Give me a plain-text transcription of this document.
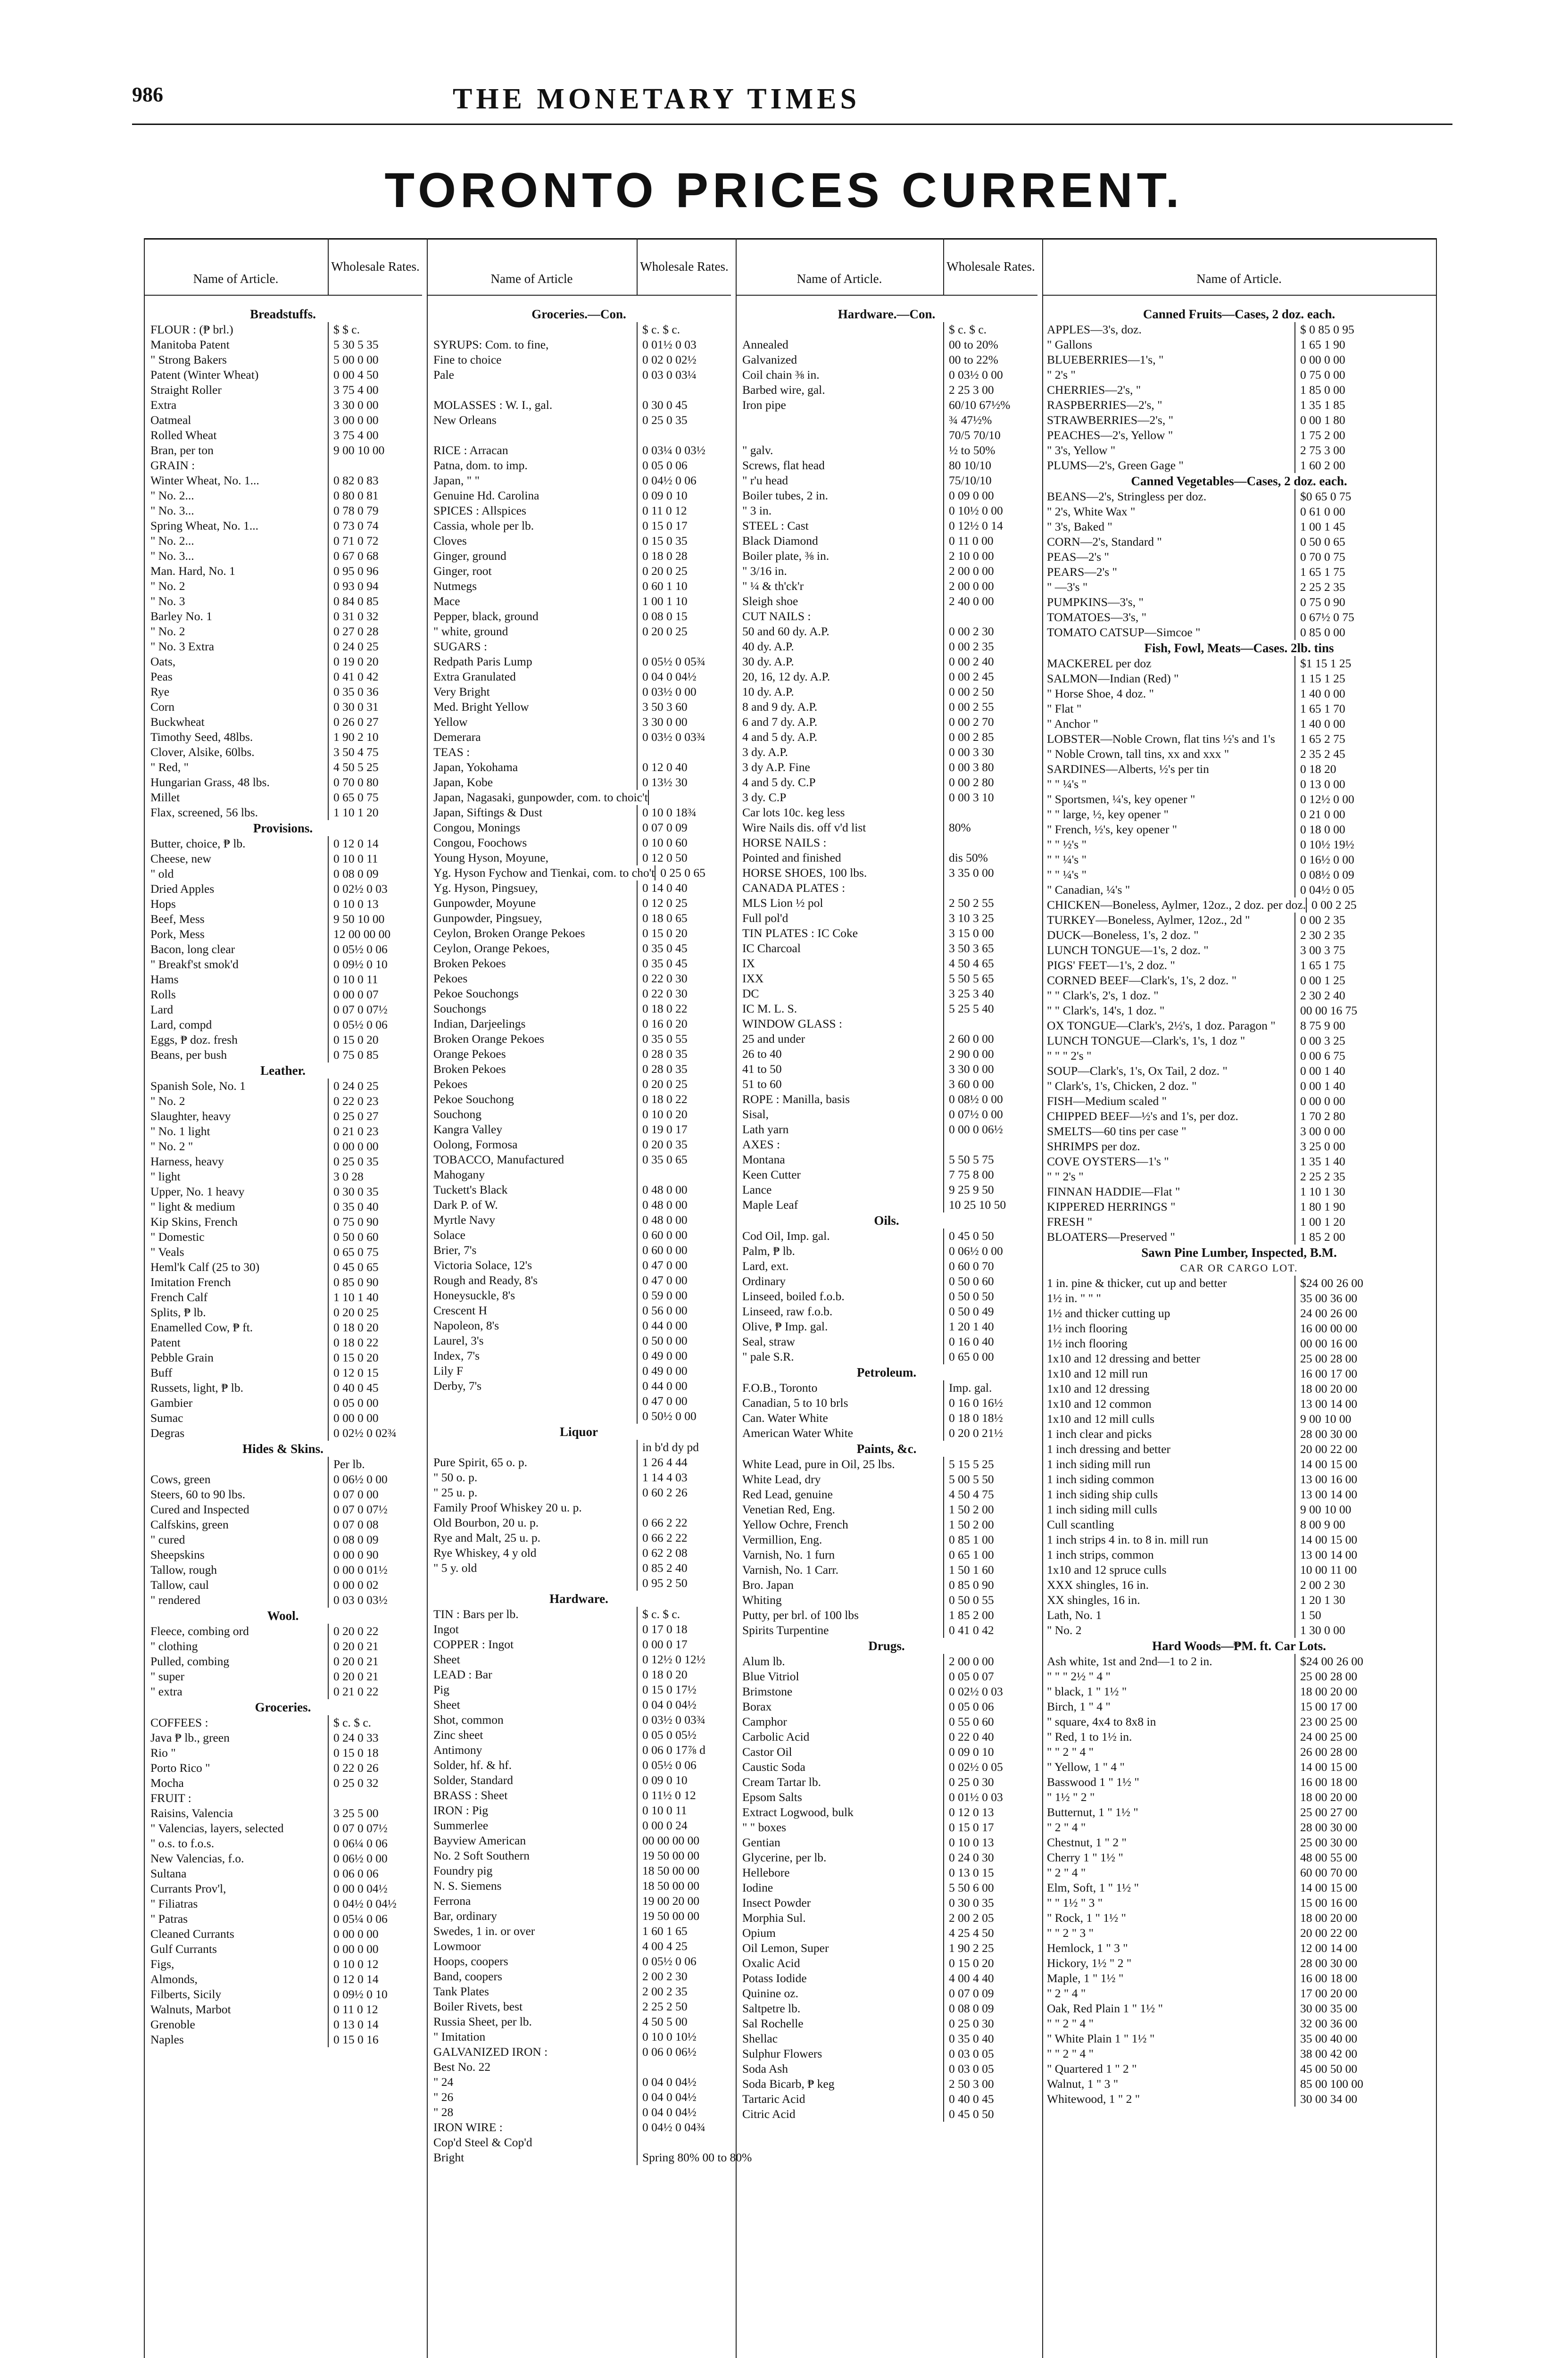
986	THE MONETARY TIMES
TORONTO PRICES CURRENT.
Name of Article.
Wholesale Rates.
Breadstuffs.
FLOUR : (₱ brl.)	$ $ c.
Manitoba Patent	5 30 5 35
" Strong Bakers	5 00 0 00
Patent (Winter Wheat)	0 00 4 50
Straight Roller	3 75 4 00
Extra	3 30 0 00
Oatmeal	3 00 0 00
Rolled Wheat	3 75 4 00
Bran, per ton	9 00 10 00
GRAIN :
Winter Wheat, No. 1...	0 82 0 83
" No. 2...	0 80 0 81
" No. 3...	0 78 0 79
Spring Wheat, No. 1...	0 73 0 74
" No. 2...	0 71 0 72
" No. 3...	0 67 0 68
Man. Hard, No. 1	0 95 0 96
" No. 2	0 93 0 94
" No. 3	0 84 0 85
Barley No. 1	0 31 0 32
" No. 2	0 27 0 28
" No. 3 Extra	0 24 0 25
Oats,	0 19 0 20
Peas	0 41 0 42
Rye	0 35 0 36
Corn	0 30 0 31
Buckwheat	0 26 0 27
Timothy Seed, 48lbs.	1 90 2 10
Clover, Alsike, 60lbs.	3 50 4 75
" Red, "	4 50 5 25
Hungarian Grass, 48 lbs.	0 70 0 80
Millet	0 65 0 75
Flax, screened, 56 lbs.	1 10 1 20
Provisions.
Butter, choice, ₱ lb.	0 12 0 14
Cheese, new	0 10 0 11
" old	0 08 0 09
Dried Apples	0 02½ 0 03
Hops	0 10 0 13
Beef, Mess	9 50 10 00
Pork, Mess	12 00 00 00
Bacon, long clear	0 05½ 0 06
" Breakf'st smok'd	0 09½ 0 10
Hams	0 10 0 11
Rolls	0 00 0 07
Lard	0 07 0 07½
Lard, compd	0 05½ 0 06
Eggs, ₱ doz. fresh	0 15 0 20
Beans, per bush	0 75 0 85
Leather.
Spanish Sole, No. 1	0 24 0 25
" No. 2	0 22 0 23
Slaughter, heavy	0 25 0 27
" No. 1 light	0 21 0 23
" No. 2 "	0 00 0 00
Harness, heavy	0 25 0 35
" light	3 0 28
Upper, No. 1 heavy	0 30 0 35
" light & medium	0 35 0 40
Kip Skins, French	0 75 0 90
" Domestic	0 50 0 60
" Veals	0 65 0 75
Heml'k Calf (25 to 30)	0 45 0 65
Imitation French	0 85 0 90
French Calf	1 10 1 40
Splits, ₱ lb.	0 20 0 25
Enamelled Cow, ₱ ft.	0 18 0 20
Patent	0 18 0 22
Pebble Grain	0 15 0 20
Buff	0 12 0 15
Russets, light, ₱ lb.	0 40 0 45
Gambier	0 05 0 00
Sumac	0 00 0 00
Degras	0 02½ 0 02¾
Hides & Skins.
Per lb.
Cows, green	0 06½ 0 00
Steers, 60 to 90 lbs.	0 07 0 00
Cured and Inspected	0 07 0 07½
Calfskins, green	0 07 0 08
" cured	0 08 0 09
Sheepskins	0 00 0 90
Tallow, rough	0 00 0 01½
Tallow, caul	0 00 0 02
" rendered	0 03 0 03½
Wool.
Fleece, combing ord	0 20 0 22
" clothing	0 20 0 21
Pulled, combing	0 20 0 21
" super	0 20 0 21
" extra	0 21 0 22
Groceries.
COFFEES :	$ c. $ c.
Java ₱ lb., green	0 24 0 33
Rio "	0 15 0 18
Porto Rico "	0 22 0 26
Mocha	0 25 0 32
FRUIT :
Raisins, Valencia	3 25 5 00
" Valencias, layers, selected	0 07 0 07½
" o.s. to f.o.s.	0 06¼ 0 06
New Valencias, f.o.	0 06½ 0 00
Sultana	0 06 0 06
Currants Prov'l,	0 00 0 04½
" Filiatras	0 04½ 0 04½
" Patras	0 05¼ 0 06
Cleaned Currants	0 00 0 00
Gulf Currants	0 00 0 00
Figs,	0 10 0 12
Almonds,	0 12 0 14
Filberts, Sicily	0 09½ 0 10
Walnuts, Marbot	0 11 0 12
Grenoble	0 13 0 14
Naples	0 15 0 16
Name of Article
Wholesale Rates.
Groceries.—Con.
$ c. $ c.
SYRUPS: Com. to fine,	0 01½ 0 03
Fine to choice	0 02 0 02½
Pale	0 03 0 03¼
MOLASSES : W. I., gal.	0 30 0 45
New Orleans	0 25 0 35
RICE : Arracan	0 03¼ 0 03½
Patna, dom. to imp.	0 05 0 06
Japan, " "	0 04½ 0 06
Genuine Hd. Carolina	0 09 0 10
SPICES : Allspices	0 11 0 12
Cassia, whole per lb.	0 15 0 17
Cloves	0 15 0 35
Ginger, ground	0 18 0 28
Ginger, root	0 20 0 25
Nutmegs	0 60 1 10
Mace	1 00 1 10
Pepper, black, ground	0 08 0 15
" white, ground	0 20 0 25
SUGARS :
Redpath Paris Lump	0 05½ 0 05¾
Extra Granulated	0 04 0 04½
Very Bright	0 03½ 0 00
Med. Bright Yellow	3 50 3 60
Yellow	3 30 0 00
Demerara	0 03½ 0 03¾
TEAS :
Japan, Yokohama	0 12 0 40
Japan, Kobe	0 13½ 30
Japan, Nagasaki, gunpowder, com. to choic't
Japan, Siftings & Dust	0 10 0 18¾
Congou, Monings	0 07 0 09
Congou, Foochows	0 10 0 60
Young Hyson, Moyune,	0 12 0 50
Yg. Hyson Fychow and Tienkai, com. to cho't 0 25 0 65
Yg. Hyson, Pingsuey,	0 14 0 40
Gunpowder, Moyune	0 12 0 25
Gunpowder, Pingsuey,	0 18 0 65
Ceylon, Broken Orange Pekoes	0 15 0 20
Ceylon, Orange Pekoes,	0 35 0 45
Broken Pekoes	0 35 0 45
Pekoes	0 22 0 30
Pekoe Souchongs	0 22 0 30
Souchongs	0 18 0 22
Indian, Darjeelings	0 16 0 20
Broken Orange Pekoes	0 35 0 55
Orange Pekoes	0 28 0 35
Broken Pekoes	0 28 0 35
Pekoes	0 20 0 25
Pekoe Souchong	0 18 0 22
Souchong	0 10 0 20
Kangra Valley	0 19 0 17
Oolong, Formosa	0 20 0 35
TOBACCO, Manufactured	0 35 0 65
Mahogany
Tuckett's Black	0 48 0 00
Dark P. of W.	0 48 0 00
Myrtle Navy	0 48 0 00
Solace	0 60 0 00
Brier, 7's	0 60 0 00
Victoria Solace, 12's	0 47 0 00
Rough and Ready, 8's	0 47 0 00
Honeysuckle, 8's	0 59 0 00
Crescent H	0 56 0 00
Napoleon, 8's	0 44 0 00
Laurel, 3's	0 50 0 00
Index, 7's	0 49 0 00
Lily F	0 49 0 00
Derby, 7's	0 44 0 00
0 47 0 00
0 50½ 0 00
Liquor
in b'd dy pd
Pure Spirit, 65 o. p.	1 26 4 44
" 50 o. p.	1 14 4 03
" 25 u. p.	0 60 2 26
Family Proof Whiskey 20 u. p.
Old Bourbon, 20 u. p.	0 66 2 22
Rye and Malt, 25 u. p.	0 66 2 22
Rye Whiskey, 4 y old	0 62 2 08
" 5 y. old	0 85 2 40
0 95 2 50
Hardware.
TIN : Bars per lb.	$ c. $ c.
Ingot	0 17 0 18
COPPER : Ingot	0 00 0 17
Sheet	0 12½ 0 12½
LEAD : Bar	0 18 0 20
Pig	0 15 0 17½
Sheet	0 04 0 04½
Shot, common	0 03½ 0 03¾
Zinc sheet	0 05 0 05½
Antimony	0 06 0 17⅞ d
Solder, hf. & hf.	0 05½ 0 06
Solder, Standard	0 09 0 10
BRASS : Sheet	0 11½ 0 12
IRON : Pig	0 10 0 11
Summerlee	0 00 0 24
Bayview American	00 00 00 00
No. 2 Soft Southern	19 50 00 00
Foundry pig	18 50 00 00
N. S. Siemens	18 50 00 00
Ferrona	19 00 20 00
Bar, ordinary	19 50 00 00
Swedes, 1 in. or over	1 60 1 65
Lowmoor	4 00 4 25
Hoops, coopers	0 05½ 0 06
Band, coopers	2 00 2 30
Tank Plates	2 00 2 35
Boiler Rivets, best	2 25 2 50
Russia Sheet, per lb.	4 50 5 00
" Imitation	0 10 0 10½
GALVANIZED IRON :	0 06 0 06½
Best No. 22
" 24	0 04 0 04½
" 26	0 04 0 04½
" 28	0 04 0 04½
IRON WIRE :	0 04½ 0 04¾
Cop'd Steel & Cop'd
Bright	Spring 80% 00 to 80%
Name of Article.
Wholesale Rates.
Hardware.—Con.
$ c. $ c.
Annealed	00 to 20%
Galvanized	00 to 22%
Coil chain ⅜ in.	0 03½ 0 00
Barbed wire, gal.	2 25 3 00
Iron pipe	60/10 67½%
¾ 47½%
70/5 70/10
" galv.	½ to 50%
Screws, flat head	80 10/10
" r'u head	75/10/10
Boiler tubes, 2 in.	0 09 0 00
" 3 in.	0 10½ 0 00
STEEL : Cast	0 12½ 0 14
Black Diamond	0 11 0 00
Boiler plate, ⅜ in.	2 10 0 00
" 3/16 in.	2 00 0 00
" ¼ & th'ck'r	2 00 0 00
Sleigh shoe	2 40 0 00
CUT NAILS :
50 and 60 dy. A.P.	0 00 2 30
40 dy. A.P.	0 00 2 35
30 dy. A.P.	0 00 2 40
20, 16, 12 dy. A.P.	0 00 2 45
10 dy. A.P.	0 00 2 50
8 and 9 dy. A.P.	0 00 2 55
6 and 7 dy. A.P.	0 00 2 70
4 and 5 dy. A.P.	0 00 2 85
3 dy. A.P.	0 00 3 30
3 dy A.P. Fine	0 00 3 80
4 and 5 dy. C.P	0 00 2 80
3 dy. C.P	0 00 3 10
Car lots 10c. keg less
Wire Nails dis. off v'd list	80%
HORSE NAILS :
Pointed and finished	dis 50%
HORSE SHOES, 100 lbs.	3 35 0 00
CANADA PLATES :
MLS Lion ½ pol	2 50 2 55
Full pol'd	3 10 3 25
TIN PLATES : IC Coke	3 15 0 00
IC Charcoal	3 50 3 65
IX	4 50 4 65
IXX	5 50 5 65
DC	3 25 3 40
IC M. L. S.	5 25 5 40
WINDOW GLASS :
25 and under	2 60 0 00
26 to 40	2 90 0 00
41 to 50	3 30 0 00
51 to 60	3 60 0 00
ROPE : Manilla, basis	0 08½ 0 00
Sisal,	0 07½ 0 00
Lath yarn	0 00 0 06½
AXES :
Montana	5 50 5 75
Keen Cutter	7 75 8 00
Lance	9 25 9 50
Maple Leaf	10 25 10 50
Oils.
Cod Oil, Imp. gal.	0 45 0 50
Palm, ₱ lb.	0 06½ 0 00
Lard, ext.	0 60 0 70
Ordinary	0 50 0 60
Linseed, boiled f.o.b.	0 50 0 50
Linseed, raw f.o.b.	0 50 0 49
Olive, ₱ Imp. gal.	1 20 1 40
Seal, straw	0 16 0 40
" pale S.R.	0 65 0 00
Petroleum.
F.O.B., Toronto	Imp. gal.
Canadian, 5 to 10 brls	0 16 0 16½
Can. Water White	0 18 0 18½
American Water White	0 20 0 21½
Paints, &c.
White Lead, pure in Oil, 25 lbs.	5 15 5 25
White Lead, dry	5 00 5 50
Red Lead, genuine	4 50 4 75
Venetian Red, Eng.	1 50 2 00
Yellow Ochre, French	1 50 2 00
Vermillion, Eng.	0 85 1 00
Varnish, No. 1 furn	0 65 1 00
Varnish, No. 1 Carr.	1 50 1 60
Bro. Japan	0 85 0 90
Whiting	0 50 0 55
Putty, per brl. of 100 lbs	1 85 2 00
Spirits Turpentine	0 41 0 42
Drugs.
Alum lb.	2 00 0 00
Blue Vitriol	0 05 0 07
Brimstone	0 02½ 0 03
Borax	0 05 0 06
Camphor	0 55 0 60
Carbolic Acid	0 22 0 40
Castor Oil	0 09 0 10
Caustic Soda	0 02½ 0 05
Cream Tartar lb.	0 25 0 30
Epsom Salts	0 01½ 0 03
Extract Logwood, bulk	0 12 0 13
" " boxes	0 15 0 17
Gentian	0 10 0 13
Glycerine, per lb.	0 24 0 30
Hellebore	0 13 0 15
Iodine	5 50 6 00
Insect Powder	0 30 0 35
Morphia Sul.	2 00 2 05
Opium	4 25 4 50
Oil Lemon, Super	1 90 2 25
Oxalic Acid	0 15 0 20
Potass Iodide	4 00 4 40
Quinine oz.	0 07 0 09
Saltpetre lb.	0 08 0 09
Sal Rochelle	0 25 0 30
Shellac	0 35 0 40
Sulphur Flowers	0 03 0 05
Soda Ash	0 03 0 05
Soda Bicarb, ₱ keg	2 50 3 00
Tartaric Acid	0 40 0 45
Citric Acid	0 45 0 50
Name of Article.
Canned Fruits—Cases, 2 doz. each.
APPLES—3's, doz.	$ 0 85 0 95
" Gallons	1 65 1 90
BLUEBERRIES—1's, "	0 00 0 00
" 2's "	0 75 0 00
CHERRIES—2's, "	1 85 0 00
RASPBERRIES—2's, "	1 35 1 85
STRAWBERRIES—2's, "	0 00 1 80
PEACHES—2's, Yellow "	1 75 2 00
" 3's, Yellow "	2 75 3 00
PLUMS—2's, Green Gage "	1 60 2 00
Canned Vegetables—Cases, 2 doz. each.
BEANS—2's, Stringless per doz.	$0 65 0 75
" 2's, White Wax "	0 61 0 00
" 3's, Baked "	1 00 1 45
CORN—2's, Standard "	0 50 0 65
PEAS—2's "	0 70 0 75
PEARS—2's "	1 65 1 75
" —3's "	2 25 2 35
PUMPKINS—3's, "	0 75 0 90
TOMATOES—3's, "	0 67½ 0 75
TOMATO CATSUP—Simcoe "	0 85 0 00
Fish, Fowl, Meats—Cases. 2lb. tins
MACKEREL per doz	$1 15 1 25
SALMON—Indian (Red) "	1 15 1 25
" Horse Shoe, 4 doz. "	1 40 0 00
" Flat "	1 65 1 70
" Anchor "	1 40 0 00
LOBSTER—Noble Crown, flat tins ½'s and 1's	1 65 2 75
" Noble Crown, tall tins, xx and xxx "	2 35 2 45
SARDINES—Alberts, ½'s per tin	0 18 20
" " ¼'s "	0 13 0 00
" Sportsmen, ¼'s, key opener "	0 12½ 0 00
" " large, ½, key opener "	0 21 0 00
" French, ½'s, key opener "	0 18 0 00
" " ½'s "	0 10½ 19½
" " ¼'s "	0 16½ 0 00
" " ¼'s "	0 08½ 0 09
" Canadian, ¼'s "	0 04½ 0 05
CHICKEN—Boneless, Aylmer, 12oz., 2 doz. per doz. 0 00 2 25
TURKEY—Boneless, Aylmer, 12oz., 2d "	0 00 2 35
DUCK—Boneless, 1's, 2 doz. "	2 30 2 35
LUNCH TONGUE—1's, 2 doz. "	3 00 3 75
PIGS' FEET—1's, 2 doz. "	1 65 1 75
CORNED BEEF—Clark's, 1's, 2 doz. "	0 00 1 25
" " Clark's, 2's, 1 doz. "	2 30 2 40
" " Clark's, 14's, 1 doz. "	00 00 16 75
OX TONGUE—Clark's, 2½'s, 1 doz. Paragon "	8 75 9 00
LUNCH TONGUE—Clark's, 1's, 1 doz "	0 00 3 25
" " " 2's "	0 00 6 75
SOUP—Clark's, 1's, Ox Tail, 2 doz. "	0 00 1 40
" Clark's, 1's, Chicken, 2 doz. "	0 00 1 40
FISH—Medium scaled "	0 00 0 00
CHIPPED BEEF—½'s and 1's, per doz.	1 70 2 80
SMELTS—60 tins per case "	3 00 0 00
SHRIMPS per doz.	3 25 0 00
COVE OYSTERS—1's "	1 35 1 40
" " 2's "	2 25 2 35
FINNAN HADDIE—Flat "	1 10 1 30
KIPPERED HERRINGS "	1 80 1 90
FRESH "	1 00 1 20
BLOATERS—Preserved "	1 85 2 00
Sawn Pine Lumber, Inspected, B.M.
CAR OR CARGO LOT.
1 in. pine & thicker, cut up and better	$24 00 26 00
1½ in. " " "	35 00 36 00
1½ and thicker cutting up	24 00 26 00
1½ inch flooring	16 00 00 00
1½ inch flooring	00 00 16 00
1x10 and 12 dressing and better	25 00 28 00
1x10 and 12 mill run	16 00 17 00
1x10 and 12 dressing	18 00 20 00
1x10 and 12 common	13 00 14 00
1x10 and 12 mill culls	9 00 10 00
1 inch clear and picks	28 00 30 00
1 inch dressing and better	20 00 22 00
1 inch siding mill run	14 00 15 00
1 inch siding common	13 00 16 00
1 inch siding ship culls	13 00 14 00
1 inch siding mill culls	9 00 10 00
Cull scantling	8 00 9 00
1 inch strips 4 in. to 8 in. mill run	14 00 15 00
1 inch strips, common	13 00 14 00
1x10 and 12 spruce culls	10 00 11 00
XXX shingles, 16 in.	2 00 2 30
XX shingles, 16 in.	1 20 1 30
Lath, No. 1	1 50
" No. 2	1 30 0 00
Hard Woods—₱M. ft. Car Lots.
Ash white, 1st and 2nd—1 to 2 in.	$24 00 26 00
" " " 2½ " 4 "	25 00 28 00
" black, 1 " 1½ "	18 00 20 00
Birch, 1 " 4 "	15 00 17 00
" square, 4x4 to 8x8 in	23 00 25 00
" Red, 1 to 1½ in.	24 00 25 00
" " 2 " 4 "	26 00 28 00
" Yellow, 1 " 4 "	14 00 15 00
Basswood 1 " 1½ "	16 00 18 00
" 1½ " 2 "	18 00 20 00
Butternut, 1 " 1½ "	25 00 27 00
" 2 " 4 "	28 00 30 00
Chestnut, 1 " 2 "	25 00 30 00
Cherry 1 " 1½ "	48 00 55 00
" 2 " 4 "	60 00 70 00
Elm, Soft, 1 " 1½ "	14 00 15 00
" " 1½ " 3 "	15 00 16 00
" Rock, 1 " 1½ "	18 00 20 00
" " 2 " 3 "	20 00 22 00
Hemlock, 1 " 3 "	12 00 14 00
Hickory, 1½ " 2 "	28 00 30 00
Maple, 1 " 1½ "	16 00 18 00
" 2 " 4 "	17 00 20 00
Oak, Red Plain 1 " 1½ "	30 00 35 00
" " 2 " 4 "	32 00 36 00
" White Plain 1 " 1½ "	35 00 40 00
" " 2 " 4 "	38 00 42 00
" Quartered 1 " 2 "	45 00 50 00
Walnut, 1 " 3 "	85 00 100 00
Whitewood, 1 " 2 "	30 00 34 00
